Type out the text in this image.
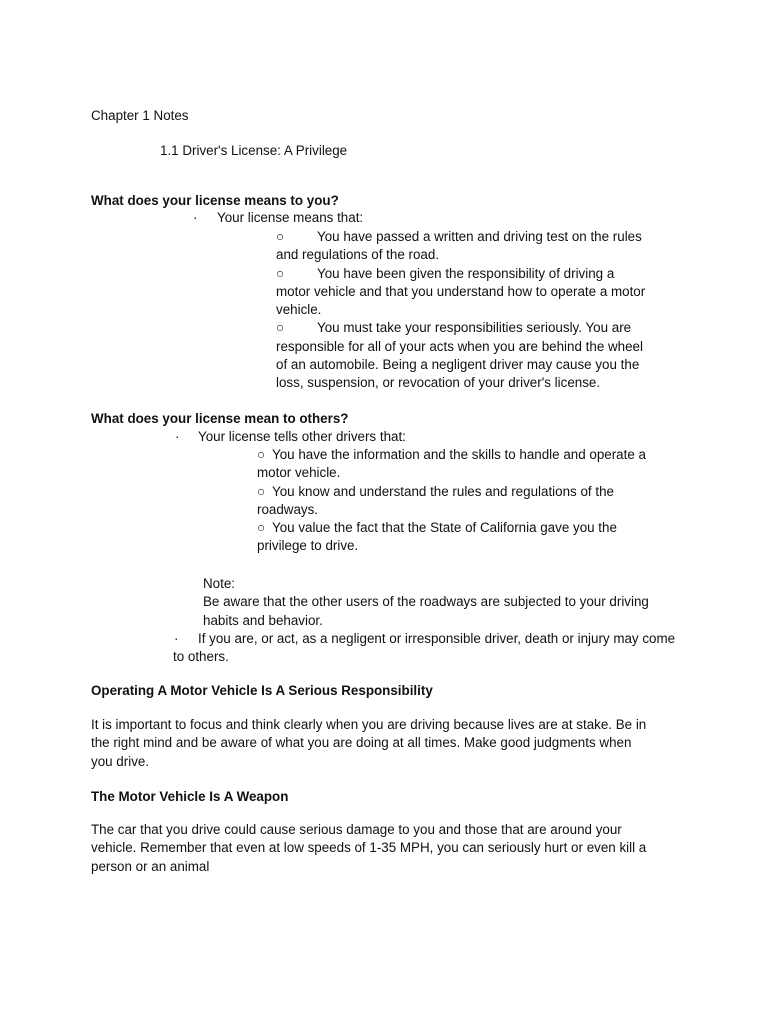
Chapter 1 Notes
1.1 Driver's License: A Privilege
What does your license means to you?
· Your license means that:
○ You have passed a written and driving test on the rules
and regulations of the road.
○ You have been given the responsibility of driving a
motor vehicle and that you understand how to operate a motor
vehicle.
○ You must take your responsibilities seriously. You are
responsible for all of your acts when you are behind the wheel
of an automobile. Being a negligent driver may cause you the
loss, suspension, or revocation of your driver's license.
What does your license mean to others?
· Your license tells other drivers that:
○ You have the information and the skills to handle and operate a
motor vehicle.
○ You know and understand the rules and regulations of the
roadways.
○ You value the fact that the State of California gave you the
privilege to drive.
Note:
Be aware that the other users of the roadways are subjected to your driving
habits and behavior.
· If you are, or act, as a negligent or irresponsible driver, death or injury may come
to others.
Operating A Motor Vehicle Is A Serious Responsibility
It is important to focus and think clearly when you are driving because lives are at stake. Be in
the right mind and be aware of what you are doing at all times. Make good judgments when
you drive.
The Motor Vehicle Is A Weapon
The car that you drive could cause serious damage to you and those that are around your
vehicle. Remember that even at low speeds of 1-35 MPH, you can seriously hurt or even kill a
person or an animal
